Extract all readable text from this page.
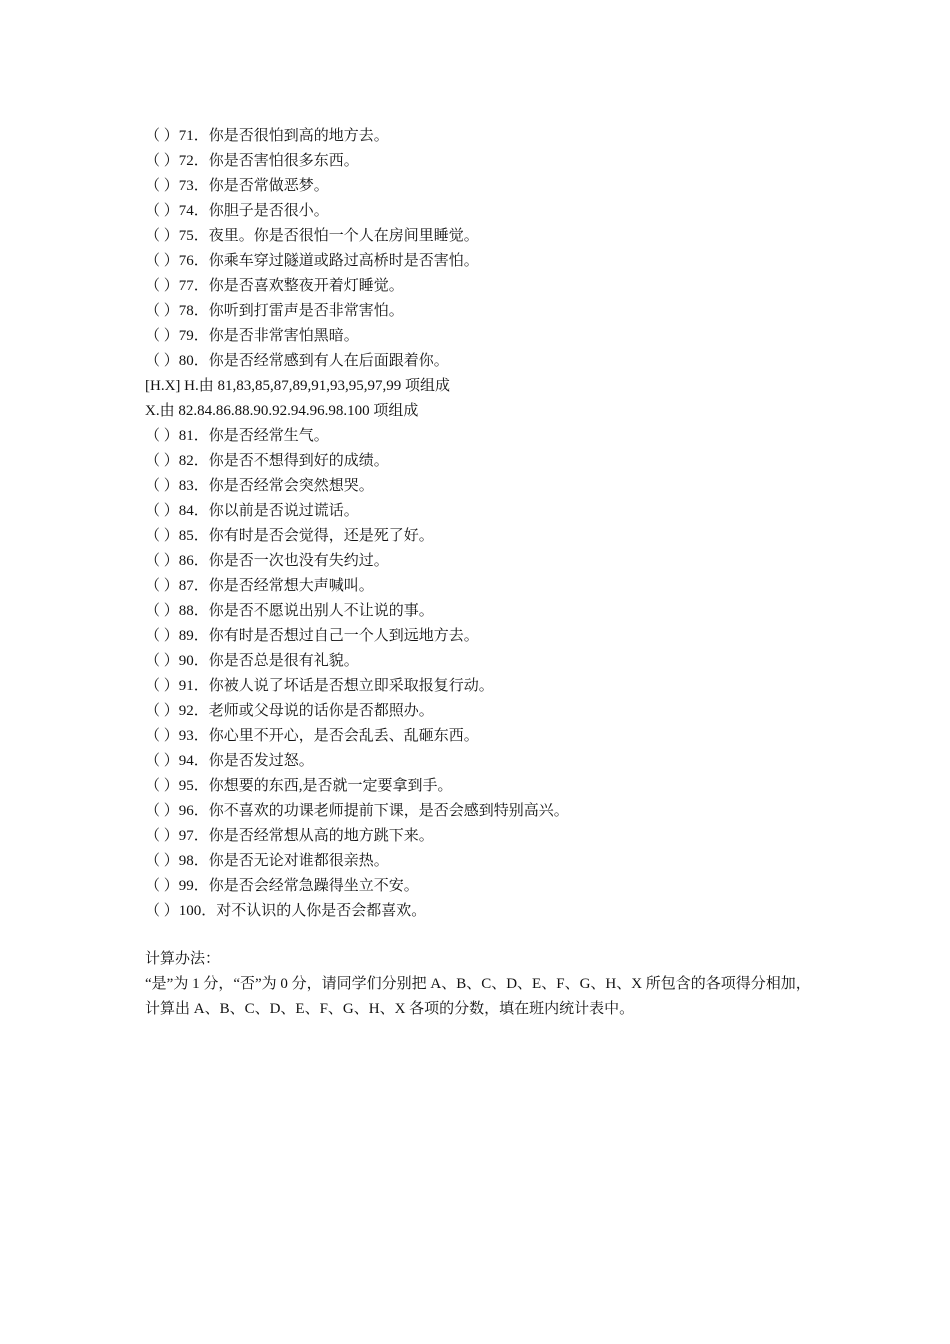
（ ）71．你是否很怕到高的地方去。
（ ）72．你是否害怕很多东西。
（ ）73．你是否常做恶梦。
（ ）74．你胆子是否很小。
（ ）75．夜里。你是否很怕一个人在房间里睡觉。
（ ）76．你乘车穿过隧道或路过高桥时是否害怕。
（ ）77．你是否喜欢整夜开着灯睡觉。
（ ）78．你听到打雷声是否非常害怕。
（ ）79．你是否非常害怕黑暗。
（ ）80．你是否经常感到有人在后面跟着你。
[H.X] H.由 81,83,85,87,89,91,93,95,97,99 项组成
X.由 82.84.86.88.90.92.94.96.98.100 项组成
（ ）81．你是否经常生气。
（ ）82．你是否不想得到好的成绩。
（ ）83．你是否经常会突然想哭。
（ ）84．你以前是否说过谎话。
（ ）85．你有时是否会觉得，还是死了好。
（ ）86．你是否一次也没有失约过。
（ ）87．你是否经常想大声喊叫。
（ ）88．你是否不愿说出别人不让说的事。
（ ）89．你有时是否想过自己一个人到远地方去。
（ ）90．你是否总是很有礼貌。
（ ）91．你被人说了坏话是否想立即采取报复行动。
（ ）92．老师或父母说的话你是否都照办。
（ ）93．你心里不开心，是否会乱丢、乱砸东西。
（ ）94．你是否发过怒。
（ ）95．你想要的东西,是否就一定要拿到手。
（ ）96．你不喜欢的功课老师提前下课，是否会感到特别高兴。
（ ）97．你是否经常想从高的地方跳下来。
（ ）98．你是否无论对谁都很亲热。
（ ）99．你是否会经常急躁得坐立不安。
（ ）100．对不认识的人你是否会都喜欢。
计算办法：
“是”为 1 分，“否”为 0 分，请同学们分别把 A、B、C、D、E、F、G、H、X 所包含的各项得分相加，计算出 A、B、C、D、E、F、G、H、X 各项的分数，填在班内统计表中。
